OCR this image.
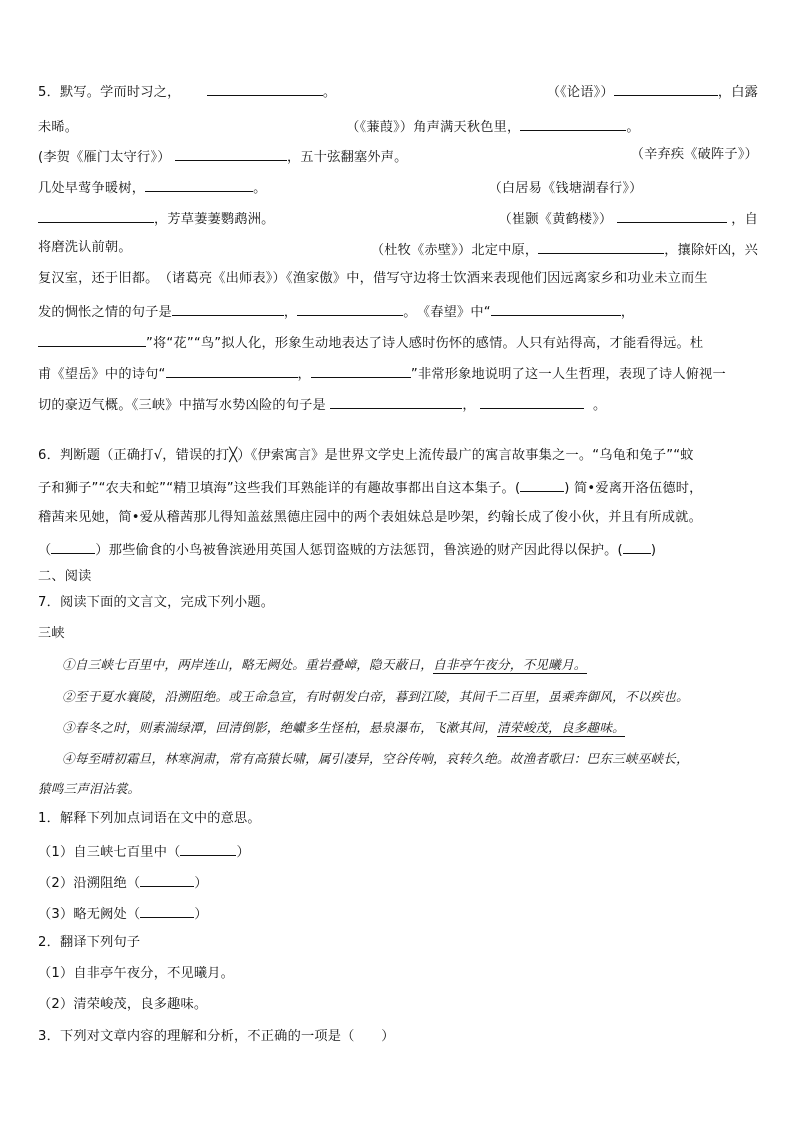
5．默写。学而时习之，	。	（《论语》）	，白露
未晞。	（《蒹葭》）角声满天秋色里，	。
(李贺《雁门太守行》）	，五十弦翻塞外声。	（辛弃疾《破阵子》）
几处早莺争暖树，	。	（白居易《钱塘湖春行》）
，芳草萋萋鹦鹉洲。	（崔颢《黄鹤楼》）	，自
将磨洗认前朝。	（杜牧《赤壁》）北定中原，	，攘除奸凶，兴
复汉室，还于旧都。　（诸葛亮《出师表》）《渔家傲》中，借写守边将士饮酒来表现他们因远离家乡和功业未立而生
发的惆怅之情的句子是	，	。　《春望》中“	，
”将“花”“鸟”拟人化，形象生动地表达了诗人感时伤怀的感情。人只有站得高，才能看得远。杜
甫《望岳》中的诗句“	，	”非常形象地说明了这一人生哲理，表现了诗人俯视一
切的豪迈气概。《三峡》中描写水势凶险的句子是	，	。
6．判断题（正确打√，错误的打╳）《伊索寓言》是世界文学史上流传最广的寓言故事集之一。“乌龟和兔子”“蚊
子和狮子”“农夫和蛇”“精卫填海”这些我们耳熟能详的有趣故事都出自这本集子。(	) 简•爱离开洛伍德时，
稽茜来见她，简•爱从稽茜那儿得知盖兹黑德庄园中的两个表姐妹总是吵架，约翰长成了俊小伙，并且有所成就。
（	）那些偷食的小鸟被鲁滨逊用英国人惩罚盗贼的方法惩罚，鲁滨逊的财产因此得以保护。( )
二、阅读
7．阅读下面的文言文，完成下列小题。
三峡
①自三峡七百里中，两岸连山，略无阙处。重岩叠嶂，隐天蔽日，自非亭午夜分，不见曦月。
②至于夏水襄陵，沿溯阻绝。或王命急宣，有时朝发白帝，暮到江陵，其间千二百里，虽乘奔御风，不以疾也。
③春冬之时，则素湍绿潭，回清倒影，绝巘多生怪柏，悬泉瀑布，飞漱其间，清荣峻茂，良多趣味。
④每至晴初霜旦，林寒涧肃，常有高猿长啸，属引凄异，空谷传响，哀转久绝。故渔者歌曰：巴东三峡巫峡长，
猿鸣三声泪沾裳。
1．解释下列加点词语在文中的意思。
（1）自三峡七百里中（	）
（2）沿溯阻绝（	）
（3）略无阙处（	）
2．翻译下列句子
（1）自非亭午夜分，不见曦月。
（2）清荣峻茂，良多趣味。
3．下列对文章内容的理解和分析，不正确的一项是（　　）
